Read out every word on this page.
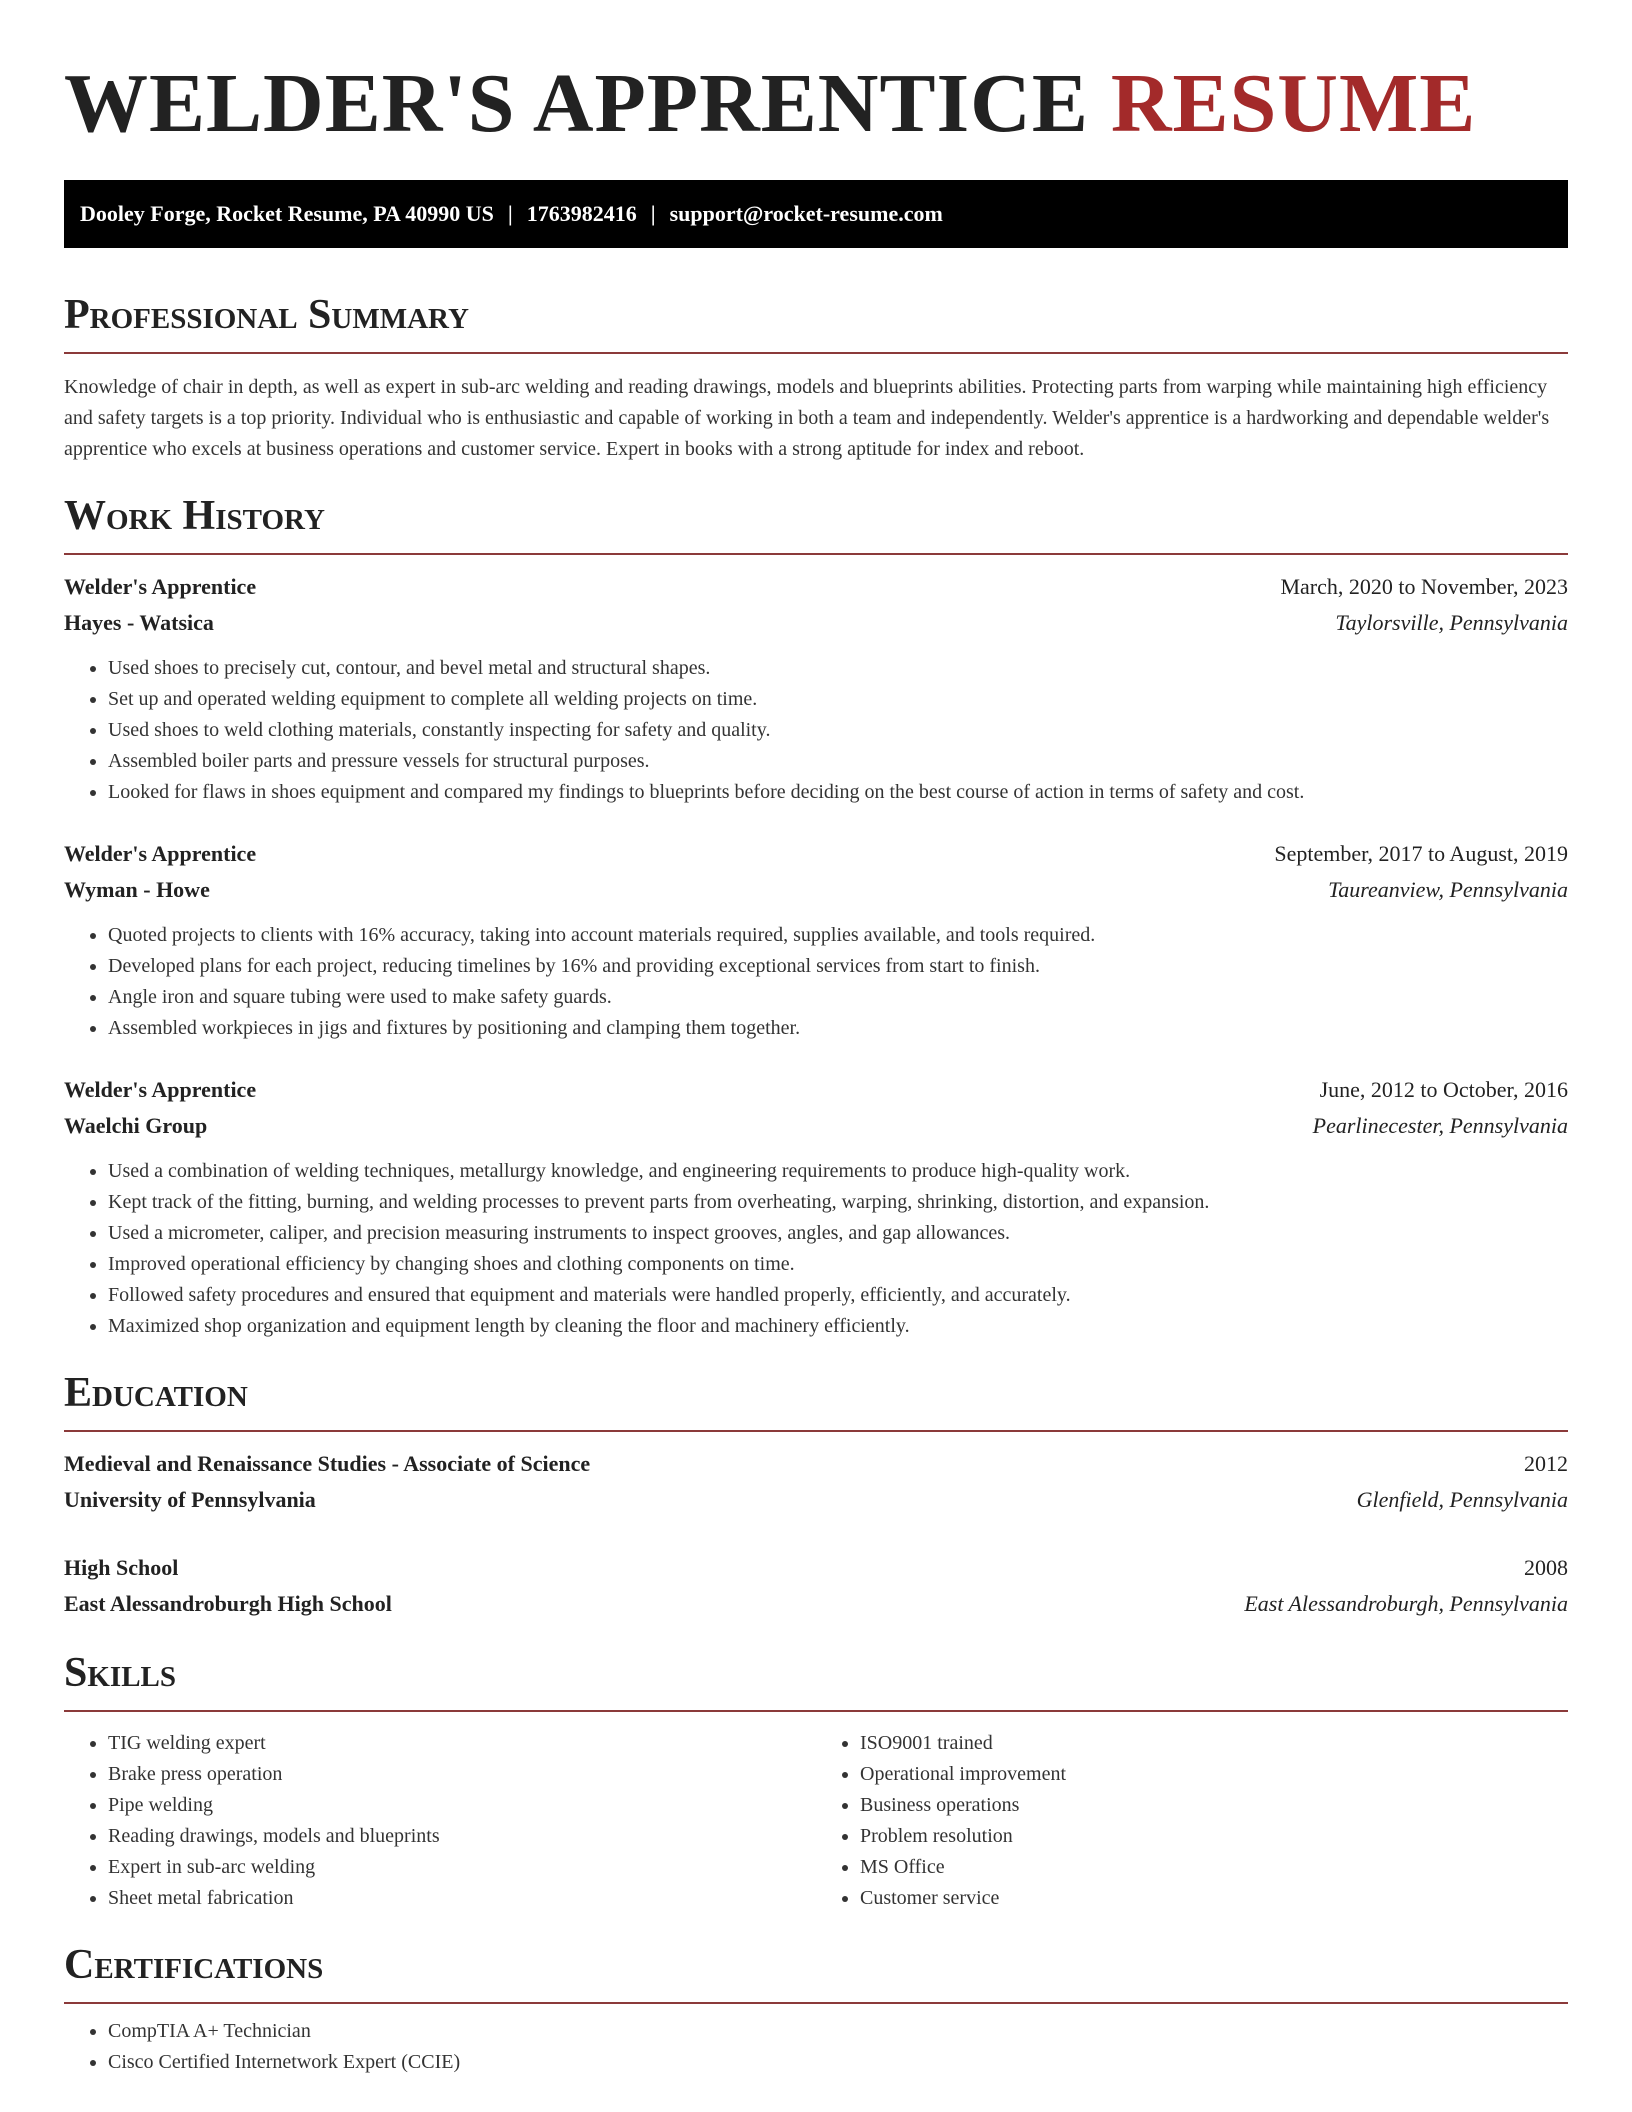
WELDER'S APPRENTICE RESUME
Dooley Forge, Rocket Resume, PA 40990 US | 1763982416 | support@rocket-resume.com
Professional Summary

Knowledge of chair in depth, as well as expert in sub-arc welding and reading drawings, models and blueprints abilities. Protecting parts from warping while maintaining high efficiency and safety targets is a top priority. Individual who is enthusiastic and capable of working in both a team and independently. Welder's apprentice is a hardworking and dependable welder's apprentice who excels at business operations and customer service. Expert in books with a strong aptitude for index and reboot.

Work History
Welder's Apprentice	March, 2020 to November, 2023
Hayes - Watsica	Taylorsville, Pennsylvania
• Used shoes to precisely cut, contour, and bevel metal and structural shapes.
• Set up and operated welding equipment to complete all welding projects on time.
• Used shoes to weld clothing materials, constantly inspecting for safety and quality.
• Assembled boiler parts and pressure vessels for structural purposes.
• Looked for flaws in shoes equipment and compared my findings to blueprints before deciding on the best course of action in terms of safety and cost.
Welder's Apprentice	September, 2017 to August, 2019
Wyman - Howe	Taureanview, Pennsylvania
• Quoted projects to clients with 16% accuracy, taking into account materials required, supplies available, and tools required.
• Developed plans for each project, reducing timelines by 16% and providing exceptional services from start to finish.
• Angle iron and square tubing were used to make safety guards.
• Assembled workpieces in jigs and fixtures by positioning and clamping them together.
Welder's Apprentice	June, 2012 to October, 2016
Waelchi Group	Pearlinecester, Pennsylvania
• Used a combination of welding techniques, metallurgy knowledge, and engineering requirements to produce high-quality work.
• Kept track of the fitting, burning, and welding processes to prevent parts from overheating, warping, shrinking, distortion, and expansion.
• Used a micrometer, caliper, and precision measuring instruments to inspect grooves, angles, and gap allowances.
• Improved operational efficiency by changing shoes and clothing components on time.
• Followed safety procedures and ensured that equipment and materials were handled properly, efficiently, and accurately.
• Maximized shop organization and equipment length by cleaning the floor and machinery efficiently.
Education
Medieval and Renaissance Studies - Associate of Science	2012
University of Pennsylvania	Glenfield, Pennsylvania
High School	2008
East Alessandroburgh High School	East Alessandroburgh, Pennsylvania
Skills
• TIG welding expert
• Brake press operation
• Pipe welding
• Reading drawings, models and blueprints
• Expert in sub-arc welding
• Sheet metal fabrication
• ISO9001 trained
• Operational improvement
• Business operations
• Problem resolution
• MS Office
• Customer service
Certifications
• CompTIA A+ Technician
• Cisco Certified Internetwork Expert (CCIE)
